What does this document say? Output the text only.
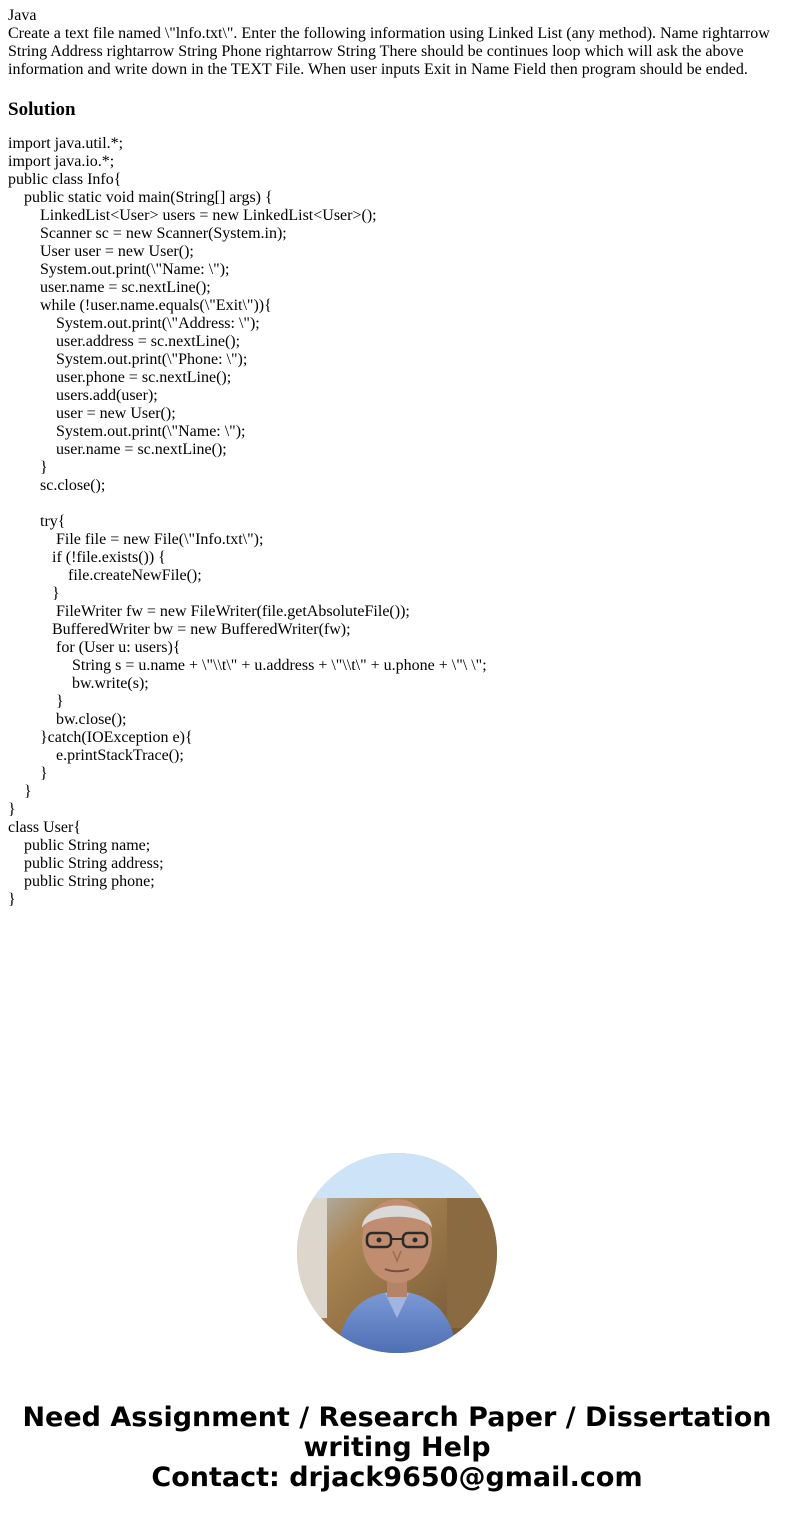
Java

Create a text file named \"lnfo.txt\". Enter the following information using Linked List (any method). Name rightarrow String Address rightarrow String Phone rightarrow String There should be continues loop which will ask the above information and write down in the TEXT File. When user inputs Exit in Name Field then program should be ended.

Solution
import java.util.*;
import java.io.*;
public class Info{
public static void main(String[] args) {
LinkedList<User> users = new LinkedList<User>();
Scanner sc = new Scanner(System.in);
User user = new User();
System.out.print(\"Name: \");
user.name = sc.nextLine();
while (!user.name.equals(\"Exit\")){
System.out.print(\"Address: \");
user.address = sc.nextLine();
System.out.print(\"Phone: \");
user.phone = sc.nextLine();
users.add(user);
user = new User();
System.out.print(\"Name: \");
user.name = sc.nextLine();
}
sc.close();

try{
File file = new File(\"Info.txt\");
if (!file.exists()) {
file.createNewFile();
}
FileWriter fw = new FileWriter(file.getAbsoluteFile());
BufferedWriter bw = new BufferedWriter(fw);
for (User u: users){
String s = u.name + \"\\t\" + u.address + \"\\t\" + u.phone + \"\ \";
bw.write(s);
}
bw.close();
}catch(IOException e){
e.printStackTrace();
}
}
}
class User{
public String name;
public String address;
public String phone;
}
Need Assignment / Research Paper / Dissertation
writing Help
Contact: drjack9650@gmail.com
